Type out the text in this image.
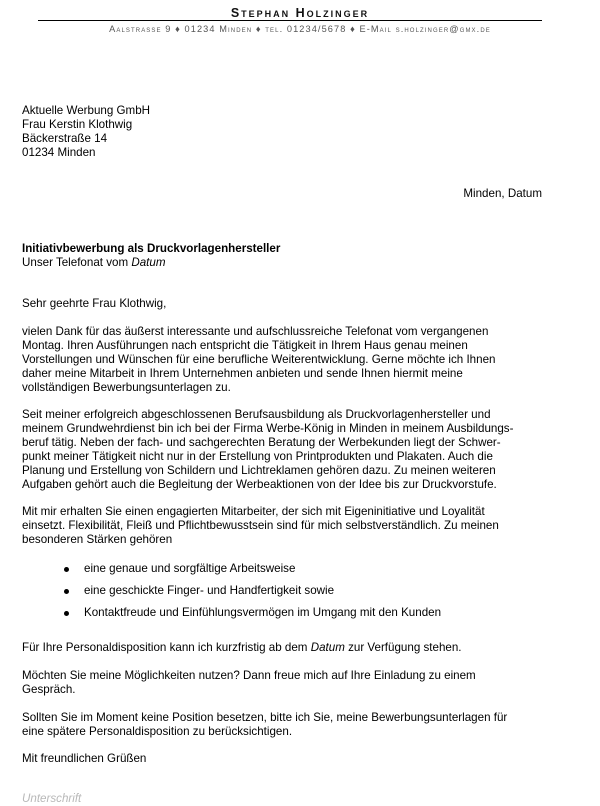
Stephan Holzinger
Aalstrasse 9 ♦ 01234 Minden ♦ tel. 01234/5678 ♦ E-Mail s.holzinger@gmx.de
Aktuelle Werbung GmbH
Frau Kerstin Klothwig
Bäckerstraße 14
01234 Minden
Minden, Datum
Initiativbewerbung als Druckvorlagenhersteller
Unser Telefonat vom Datum
Sehr geehrte Frau Klothwig,
vielen Dank für das äußerst interessante und aufschlussreiche Telefonat vom vergangenen
Montag. Ihren Ausführungen nach entspricht die Tätigkeit in Ihrem Haus genau meinen
Vorstellungen und Wünschen für eine berufliche Weiterentwicklung. Gerne möchte ich Ihnen
daher meine Mitarbeit in Ihrem Unternehmen anbieten und sende Ihnen hiermit meine
vollständigen Bewerbungsunterlagen zu.
Seit meiner erfolgreich abgeschlossenen Berufsausbildung als Druckvorlagenhersteller und
meinem Grundwehrdienst bin ich bei der Firma Werbe-König in Minden in meinem Ausbildungs-
beruf tätig. Neben der fach- und sachgerechten Beratung der Werbekunden liegt der Schwer-
punkt meiner Tätigkeit nicht nur in der Erstellung von Printprodukten und Plakaten. Auch die
Planung und Erstellung von Schildern und Lichtreklamen gehören dazu. Zu meinen weiteren
Aufgaben gehört auch die Begleitung der Werbeaktionen von der Idee bis zur Druckvorstufe.
Mit mir erhalten Sie einen engagierten Mitarbeiter, der sich mit Eigeninitiative und Loyalität
einsetzt. Flexibilität, Fleiß und Pflichtbewusstsein sind für mich selbstverständlich. Zu meinen
besonderen Stärken gehören
eine genaue und sorgfältige Arbeitsweise
eine geschickte Finger- und Handfertigkeit sowie
Kontaktfreude und Einfühlungsvermögen im Umgang mit den Kunden
Für Ihre Personaldisposition kann ich kurzfristig ab dem Datum zur Verfügung stehen.
Möchten Sie meine Möglichkeiten nutzen? Dann freue mich auf Ihre Einladung zu einem
Gespräch.
Sollten Sie im Moment keine Position besetzen, bitte ich Sie, meine Bewerbungsunterlagen für
eine spätere Personaldisposition zu berücksichtigen.
Mit freundlichen Grüßen
Unterschrift
